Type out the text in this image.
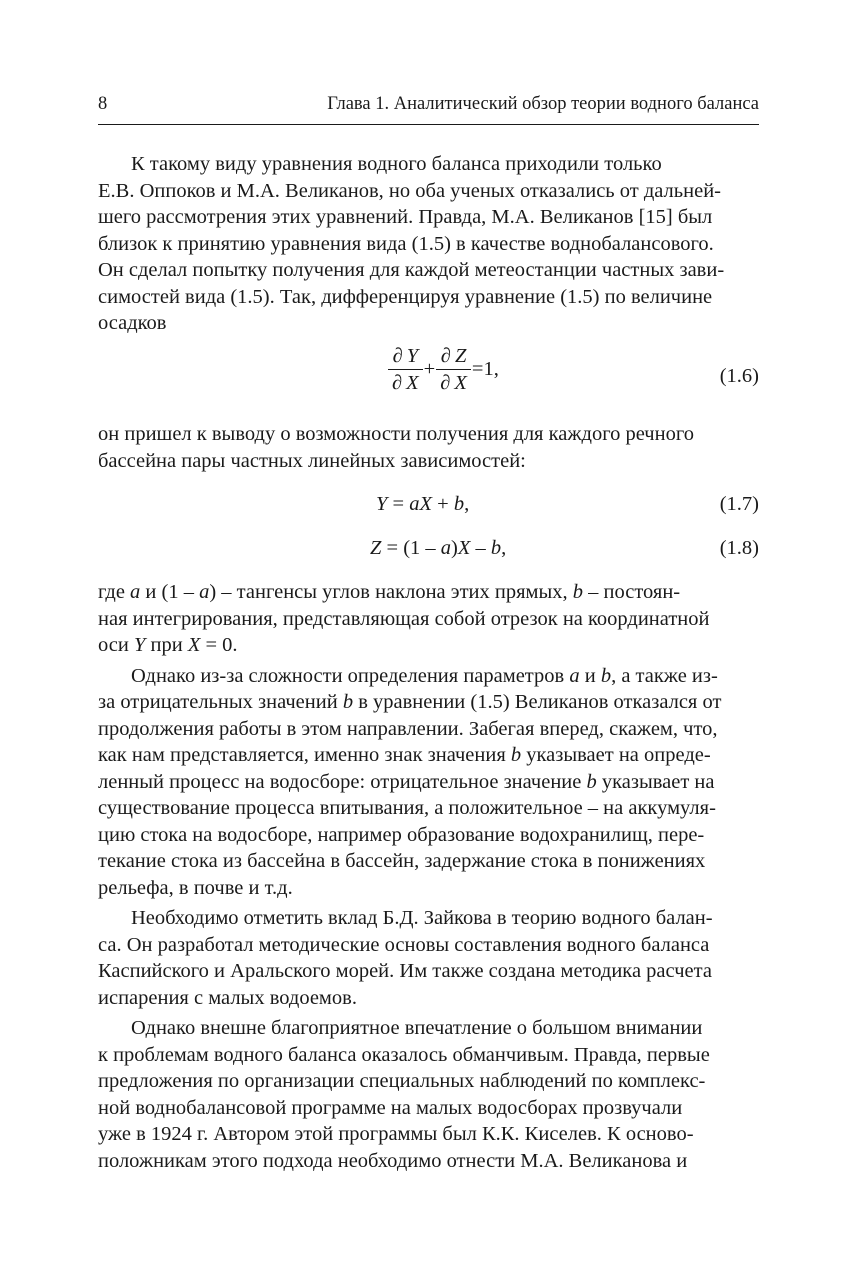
8	Глава 1. Аналитический обзор теории водного баланса
К такому виду уравнения водного баланса приходили только
Е.В. Оппоков и М.А. Великанов, но оба ученых отказались от дальней-
шего рассмотрения этих уравнений. Правда, М.А. Великанов [15] был
близок к принятию уравнения вида (1.5) в качестве воднобалансового.
Он сделал попытку получения для каждой метеостанции частных зави-
симостей вида (1.5). Так, дифференцируя уравнение (1.5) по величине
осадков
$\frac{\partial Y}{\partial X} + \frac{\partial Z}{\partial X} =1$,	(1.6)
он пришел к выводу о возможности получения для каждого речного
бассейна пары частных линейных зависимостей:
Y = aX + b,	(1.7)
Z = (1 – a)X – b,	(1.8)
где a и (1 – a) – тангенсы углов наклона этих прямых, b – постоян-
ная интегрирования, представляющая собой отрезок на координатной
оси Y при X = 0.
Однако из-за сложности определения параметров a и b, а также из-
за отрицательных значений b в уравнении (1.5) Великанов отказался от
продолжения работы в этом направлении. Забегая вперед, скажем, что,
как нам представляется, именно знак значения b указывает на опреде-
ленный процесс на водосборе: отрицательное значение b указывает на
существование процесса впитывания, а положительное – на аккумуля-
цию стока на водосборе, например образование водохранилищ, пере-
текание стока из бассейна в бассейн, задержание стока в понижениях
рельефа, в почве и т.д.
Необходимо отметить вклад Б.Д. Зайкова в теорию водного балан-
са. Он разработал методические основы составления водного баланса
Каспийского и Аральского морей. Им также создана методика расчета
испарения с малых водоемов.
Однако внешне благоприятное впечатление о большом внимании
к проблемам водного баланса оказалось обманчивым. Правда, первые
предложения по организации специальных наблюдений по комплекс-
ной воднобалансовой программе на малых водосборах прозвучали
уже в 1924 г. Автором этой программы был К.К. Киселев. К осново-
положникам этого подхода необходимо отнести М.А. Великанова и
